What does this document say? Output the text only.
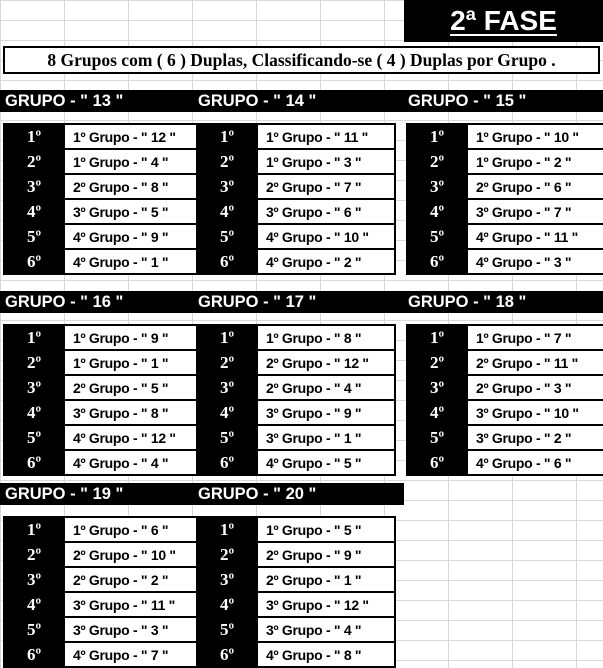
2ª FASE
8 Grupos com ( 6 ) Duplas, Classificando-se ( 4 ) Duplas por Grupo .
GRUPO - " 13 "
1º	1º Grupo - " 12 "
2º	1º Grupo - " 4 "
3º	2º Grupo - " 8 "
4º	3º Grupo - " 5 "
5º	4º Grupo - " 9 "
6º	4º Grupo - " 1 "
GRUPO - " 14 "
1º	1º Grupo - " 11 "
2º	1º Grupo - " 3 "
3º	2º Grupo - " 7 "
4º	3º Grupo - " 6 "
5º	4º Grupo - " 10 "
6º	4º Grupo - " 2 "
GRUPO - " 15 "
1º	1º Grupo - " 10 "
2º	1º Grupo - " 2 "
3º	2º Grupo - " 6 "
4º	3º Grupo - " 7 "
5º	4º Grupo - " 11 "
6º	4º Grupo - " 3 "
GRUPO - " 16 "
1º	1º Grupo - " 9 "
2º	1º Grupo - " 1 "
3º	2º Grupo - " 5 "
4º	3º Grupo - " 8 "
5º	4º Grupo - " 12 "
6º	4º Grupo - " 4 "
GRUPO - " 17 "
1º	1º Grupo - " 8 "
2º	2º Grupo - " 12 "
3º	2º Grupo - " 4 "
4º	3º Grupo - " 9 "
5º	3º Grupo - " 1 "
6º	4º Grupo - " 5 "
GRUPO - " 18 "
1º	1º Grupo - " 7 "
2º	2º Grupo - " 11 "
3º	2º Grupo - " 3 "
4º	3º Grupo - " 10 "
5º	3º Grupo - " 2 "
6º	4º Grupo - " 6 "
GRUPO - " 19 "
1º	1º Grupo - " 6 "
2º	2º Grupo - " 10 "
3º	2º Grupo - " 2 "
4º	3º Grupo - " 11 "
5º	3º Grupo - " 3 "
6º	4º Grupo - " 7 "
GRUPO - " 20 "
1º	1º Grupo - " 5 "
2º	2º Grupo - " 9 "
3º	2º Grupo - " 1 "
4º	3º Grupo - " 12 "
5º	3º Grupo - " 4 "
6º	4º Grupo - " 8 "
